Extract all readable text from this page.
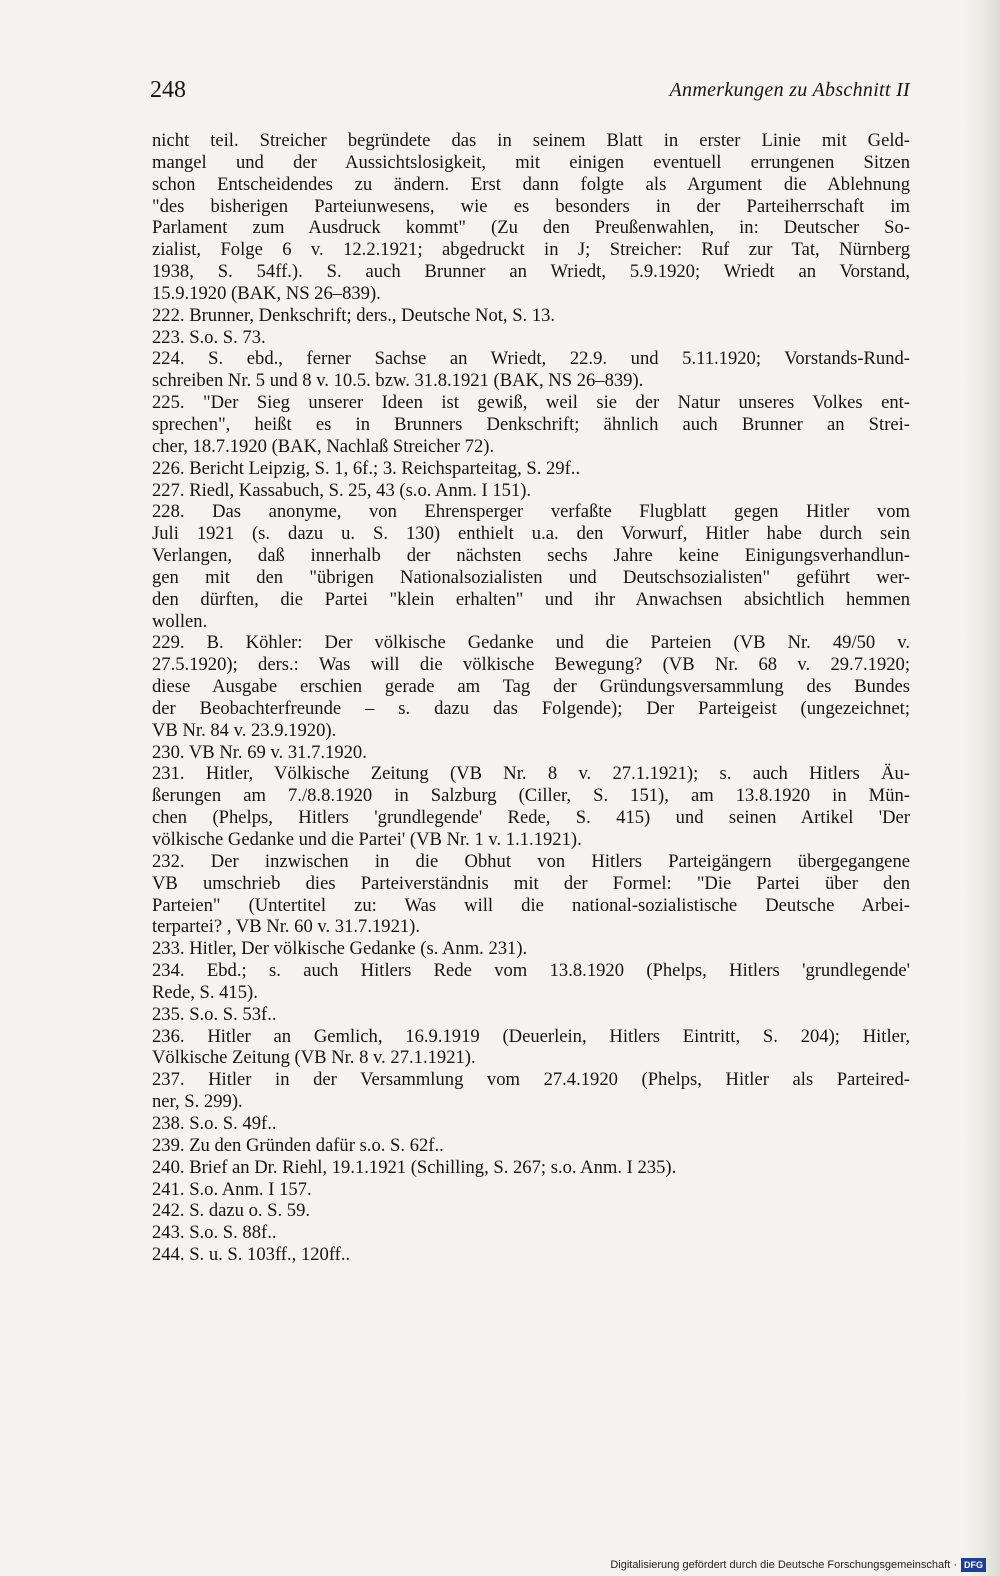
248	Anmerkungen zu Abschnitt II
nicht teil. Streicher begründete das in seinem Blatt in erster Linie mit Geld-
mangel und der Aussichtslosigkeit, mit einigen eventuell errungenen Sitzen
schon Entscheidendes zu ändern. Erst dann folgte als Argument die Ablehnung
"des bisherigen Parteiunwesens, wie es besonders in der Parteiherrschaft im
Parlament zum Ausdruck kommt" (Zu den Preußenwahlen, in: Deutscher So-
zialist, Folge 6 v. 12.2.1921; abgedruckt in J; Streicher: Ruf zur Tat, Nürnberg
1938, S. 54ff.). S. auch Brunner an Wriedt, 5.9.1920; Wriedt an Vorstand,
15.9.1920 (BAK, NS 26–839).
222. Brunner, Denkschrift; ders., Deutsche Not, S. 13.
223. S.o. S. 73.
224. S. ebd., ferner Sachse an Wriedt, 22.9. und 5.11.1920; Vorstands-Rund-
schreiben Nr. 5 und 8 v. 10.5. bzw. 31.8.1921 (BAK, NS 26–839).
225. "Der Sieg unserer Ideen ist gewiß, weil sie der Natur unseres Volkes ent-
sprechen", heißt es in Brunners Denkschrift; ähnlich auch Brunner an Strei-
cher, 18.7.1920 (BAK, Nachlaß Streicher 72).
226. Bericht Leipzig, S. 1, 6f.; 3. Reichsparteitag, S. 29f..
227. Riedl, Kassabuch, S. 25, 43 (s.o. Anm. I 151).
228. Das anonyme, von Ehrensperger verfaßte Flugblatt gegen Hitler vom
Juli 1921 (s. dazu u. S. 130) enthielt u.a. den Vorwurf, Hitler habe durch sein
Verlangen, daß innerhalb der nächsten sechs Jahre keine Einigungsverhandlun-
gen mit den "übrigen Nationalsozialisten und Deutschsozialisten" geführt wer-
den dürften, die Partei "klein erhalten" und ihr Anwachsen absichtlich hemmen
wollen.
229. B. Köhler: Der völkische Gedanke und die Parteien (VB Nr. 49/50 v.
27.5.1920); ders.: Was will die völkische Bewegung? (VB Nr. 68 v. 29.7.1920;
diese Ausgabe erschien gerade am Tag der Gründungsversammlung des Bundes
der Beobachterfreunde – s. dazu das Folgende); Der Parteigeist (ungezeichnet;
VB Nr. 84 v. 23.9.1920).
230. VB Nr. 69 v. 31.7.1920.
231. Hitler, Völkische Zeitung (VB Nr. 8 v. 27.1.1921); s. auch Hitlers Äu-
ßerungen am 7./8.8.1920 in Salzburg (Ciller, S. 151), am 13.8.1920 in Mün-
chen (Phelps, Hitlers 'grundlegende' Rede, S. 415) und seinen Artikel 'Der
völkische Gedanke und die Partei' (VB Nr. 1 v. 1.1.1921).
232. Der inzwischen in die Obhut von Hitlers Parteigängern übergegangene
VB umschrieb dies Parteiverständnis mit der Formel: "Die Partei über den
Parteien" (Untertitel zu: Was will die national-sozialistische Deutsche Arbei-
terpartei? , VB Nr. 60 v. 31.7.1921).
233. Hitler, Der völkische Gedanke (s. Anm. 231).
234. Ebd.; s. auch Hitlers Rede vom 13.8.1920 (Phelps, Hitlers 'grundlegende'
Rede, S. 415).
235. S.o. S. 53f..
236. Hitler an Gemlich, 16.9.1919 (Deuerlein, Hitlers Eintritt, S. 204); Hitler,
Völkische Zeitung (VB Nr. 8 v. 27.1.1921).
237. Hitler in der Versammlung vom 27.4.1920 (Phelps, Hitler als Parteired-
ner, S. 299).
238. S.o. S. 49f..
239. Zu den Gründen dafür s.o. S. 62f..
240. Brief an Dr. Riehl, 19.1.1921 (Schilling, S. 267; s.o. Anm. I 235).
241. S.o. Anm. I 157.
242. S. dazu o. S. 59.
243. S.o. S. 88f..
244. S. u. S. 103ff., 120ff..
Digitalisierung gefördert durch die Deutsche Forschungsgemeinschaft · DFG
